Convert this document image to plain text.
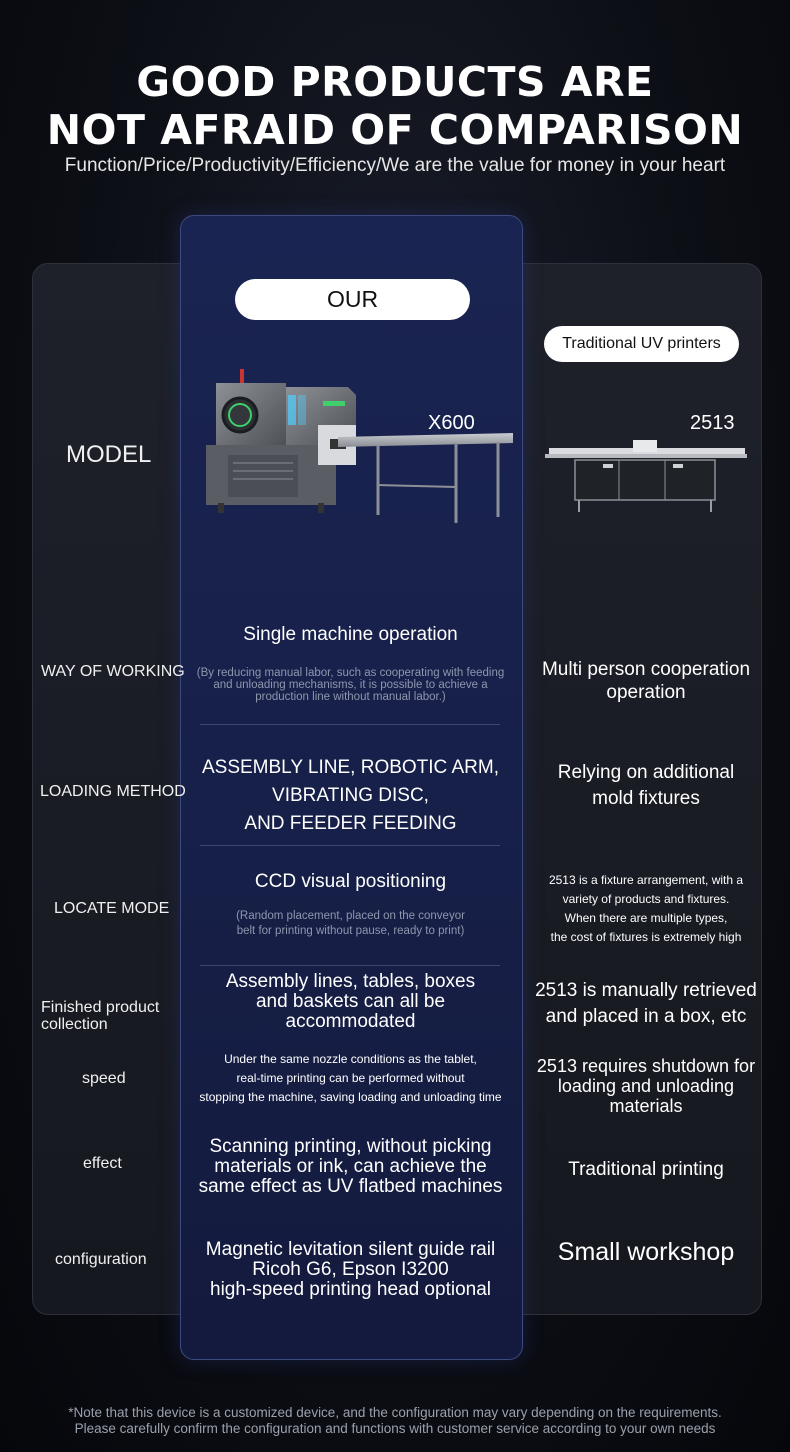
GOOD PRODUCTS ARE
NOT AFRAID OF COMPARISON
Function/Price/Productivity/Efficiency/We are the value for money in your heart
OUR
Traditional UV printers
MODEL
X600	2513
WAY OF WORKING
Single machine operation
(By reducing manual labor, such as cooperating with feeding
and unloading mechanisms, it is possible to achieve a
production line without manual labor.)
Multi person cooperation
operation
LOADING METHOD
ASSEMBLY LINE, ROBOTIC ARM,
VIBRATING DISC,
AND FEEDER FEEDING
Relying on additional
mold fixtures
LOCATE MODE
CCD visual positioning
(Random placement, placed on the conveyor
belt for printing without pause, ready to print)
2513 is a fixture arrangement, with a
variety of products and fixtures.
When there are multiple types,
the cost of fixtures is extremely high
Finished product
collection
Assembly lines, tables, boxes
and baskets can all be
accommodated
2513 is manually retrieved
and placed in a box, etc
speed
Under the same nozzle conditions as the tablet,
real-time printing can be performed without
stopping the machine, saving loading and unloading time
2513 requires shutdown for
loading and unloading
materials
effect
Scanning printing, without picking
materials or ink, can achieve the
same effect as UV flatbed machines
Traditional printing
configuration	Magnetic levitation silent guide rail
Ricoh G6, Epson I3200
high-speed printing head optional
Small workshop
*Note that this device is a customized device, and the configuration may vary depending on the requirements.
Please carefully confirm the configuration and functions with customer service according to your own needs
